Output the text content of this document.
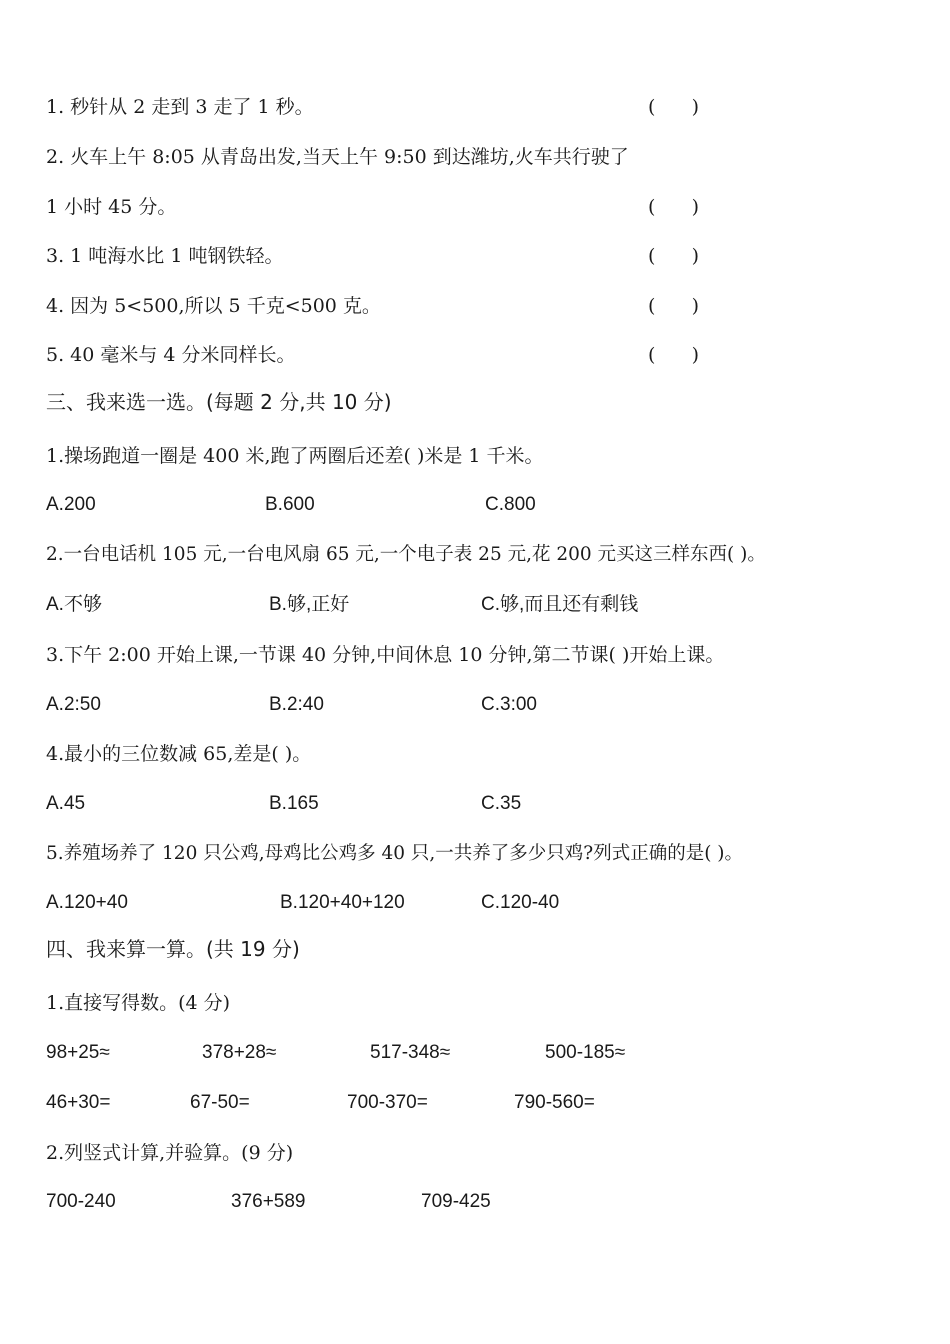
1. 秒针从 2 走到 3 走了 1 秒。	(      )
2. 火车上午 8:05 从青岛出发,当天上午 9:50 到达潍坊,火车共行驶了
1 小时 45 分。	(      )
3. 1 吨海水比 1 吨钢铁轻。	(      )
4. 因为 5<500,所以 5 千克<500 克。	(      )
5. 40 毫米与 4 分米同样长。	(      )
三、我来选一选。(每题 2 分,共 10 分)
1.操场跑道一圈是 400 米,跑了两圈后还差( )米是 1 千米。
A.200	B.600	C.800
2.一台电话机 105 元,一台电风扇 65 元,一个电子表 25 元,花 200 元买这三样东西( )。
A.不够	B.够,正好	C.够,而且还有剩钱
3.下午 2:00 开始上课,一节课 40 分钟,中间休息 10 分钟,第二节课( )开始上课。
A.2:50	B.2:40	C.3:00
4.最小的三位数减 65,差是( )。
A.45	B.165	C.35
5.养殖场养了 120 只公鸡,母鸡比公鸡多 40 只,一共养了多少只鸡?列式正确的是( )。
A.120+40	B.120+40+120	C.120-40
四、我来算一算。(共 19 分)
1.直接写得数。(4 分)
98+25≈	378+28≈	517-348≈	500-185≈
46+30=	67-50=	700-370=	790-560=
2.列竖式计算,并验算。(9 分)
700-240	376+589	709-425
